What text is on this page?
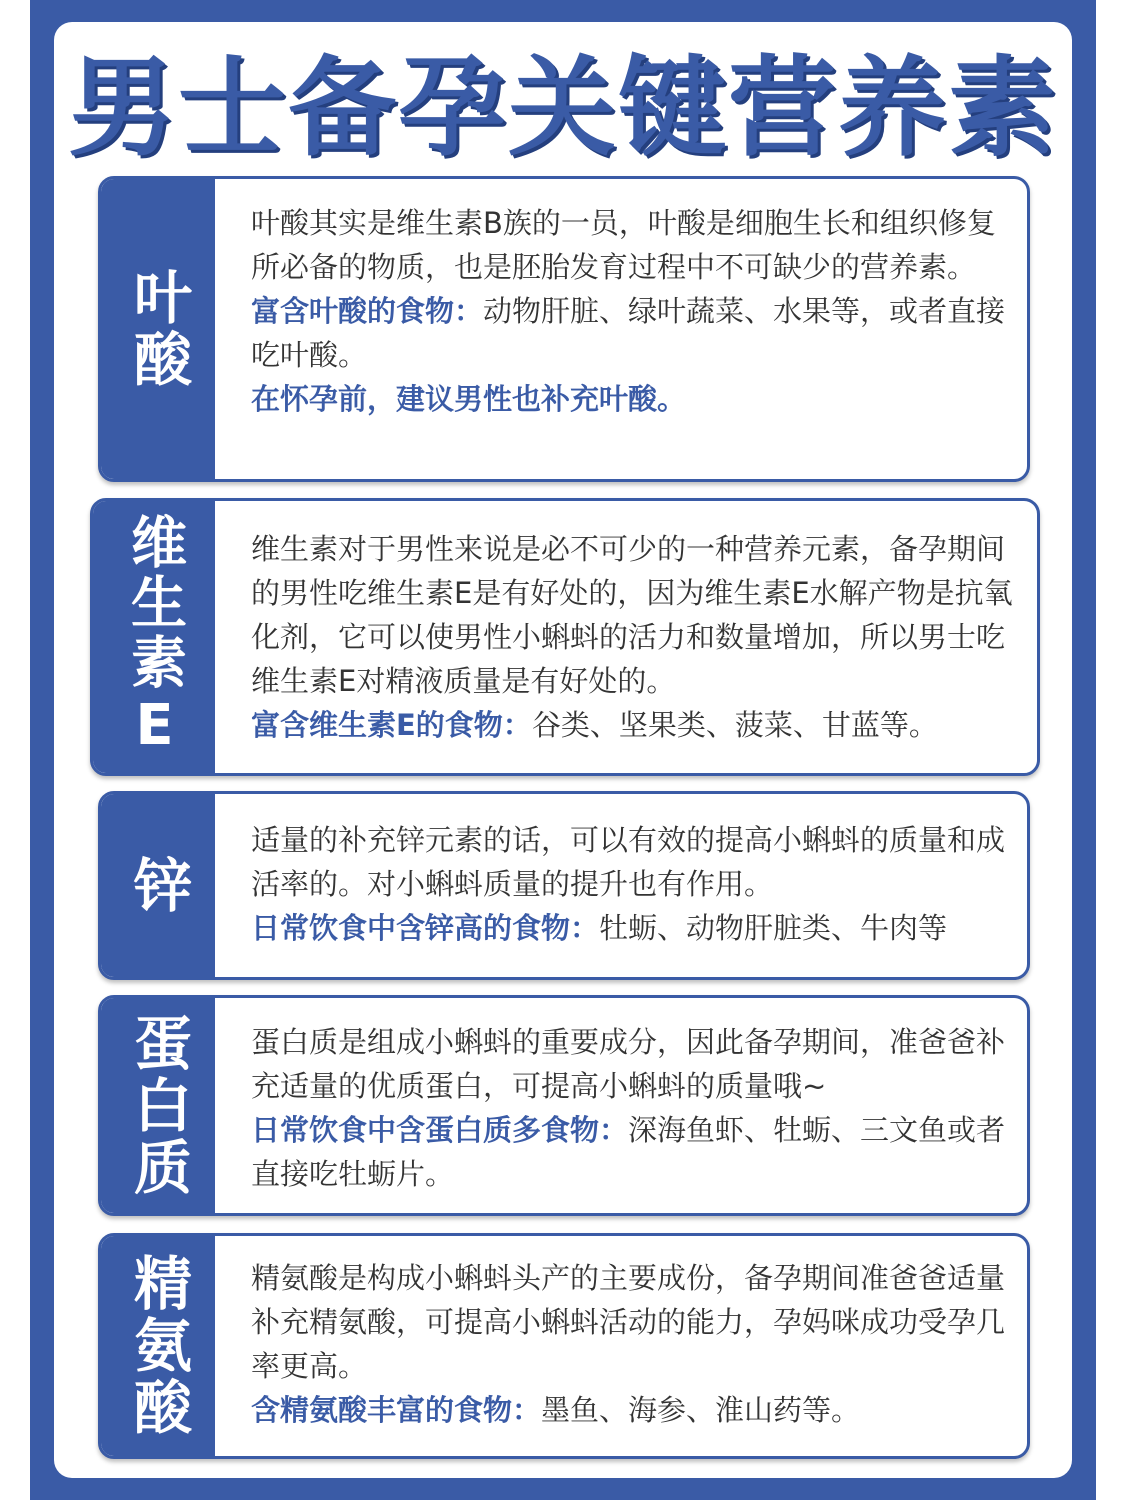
男士备孕关键营养素
叶酸

叶酸其实是维生素B族的一员，叶酸是细胞生长和组织修复所必备的物质，也是胚胎发育过程中不可缺少的营养素。

富含叶酸的食物：动物肝脏、绿叶蔬菜、水果等，或者直接吃叶酸。

在怀孕前，建议男性也补充叶酸。

维生素E 维生素对于男性来说是必不可少的一种营养元素，备孕期间的男性吃维生素E是有好处的，因为维生素E水解产物是抗氧化剂，它可以使男性小蝌蚪的活力和数量增加，所以男士吃维生素E对精液质量是有好处的。

富含维生素E的食物：谷类、坚果类、菠菜、甘蓝等。

锌

适量的补充锌元素的话，可以有效的提高小蝌蚪的质量和成活率的。对小蝌蚪质量的提升也有作用。

日常饮食中含锌高的食物：牡蛎、动物肝脏类、牛肉等

蛋白质 蛋白质是组成小蝌蚪的重要成分，因此备孕期间，准爸爸补充适量的优质蛋白，可提高小蝌蚪的质量哦~

日常饮食中含蛋白质多食物：深海鱼虾、牡蛎、三文鱼或者直接吃牡蛎片。

精氨酸 精氨酸是构成小蝌蚪头产的主要成份，备孕期间准爸爸适量补充精氨酸，可提高小蝌蚪活动的能力，孕妈咪成功受孕几率更高。

含精氨酸丰富的食物：墨鱼、海参、淮山药等。
